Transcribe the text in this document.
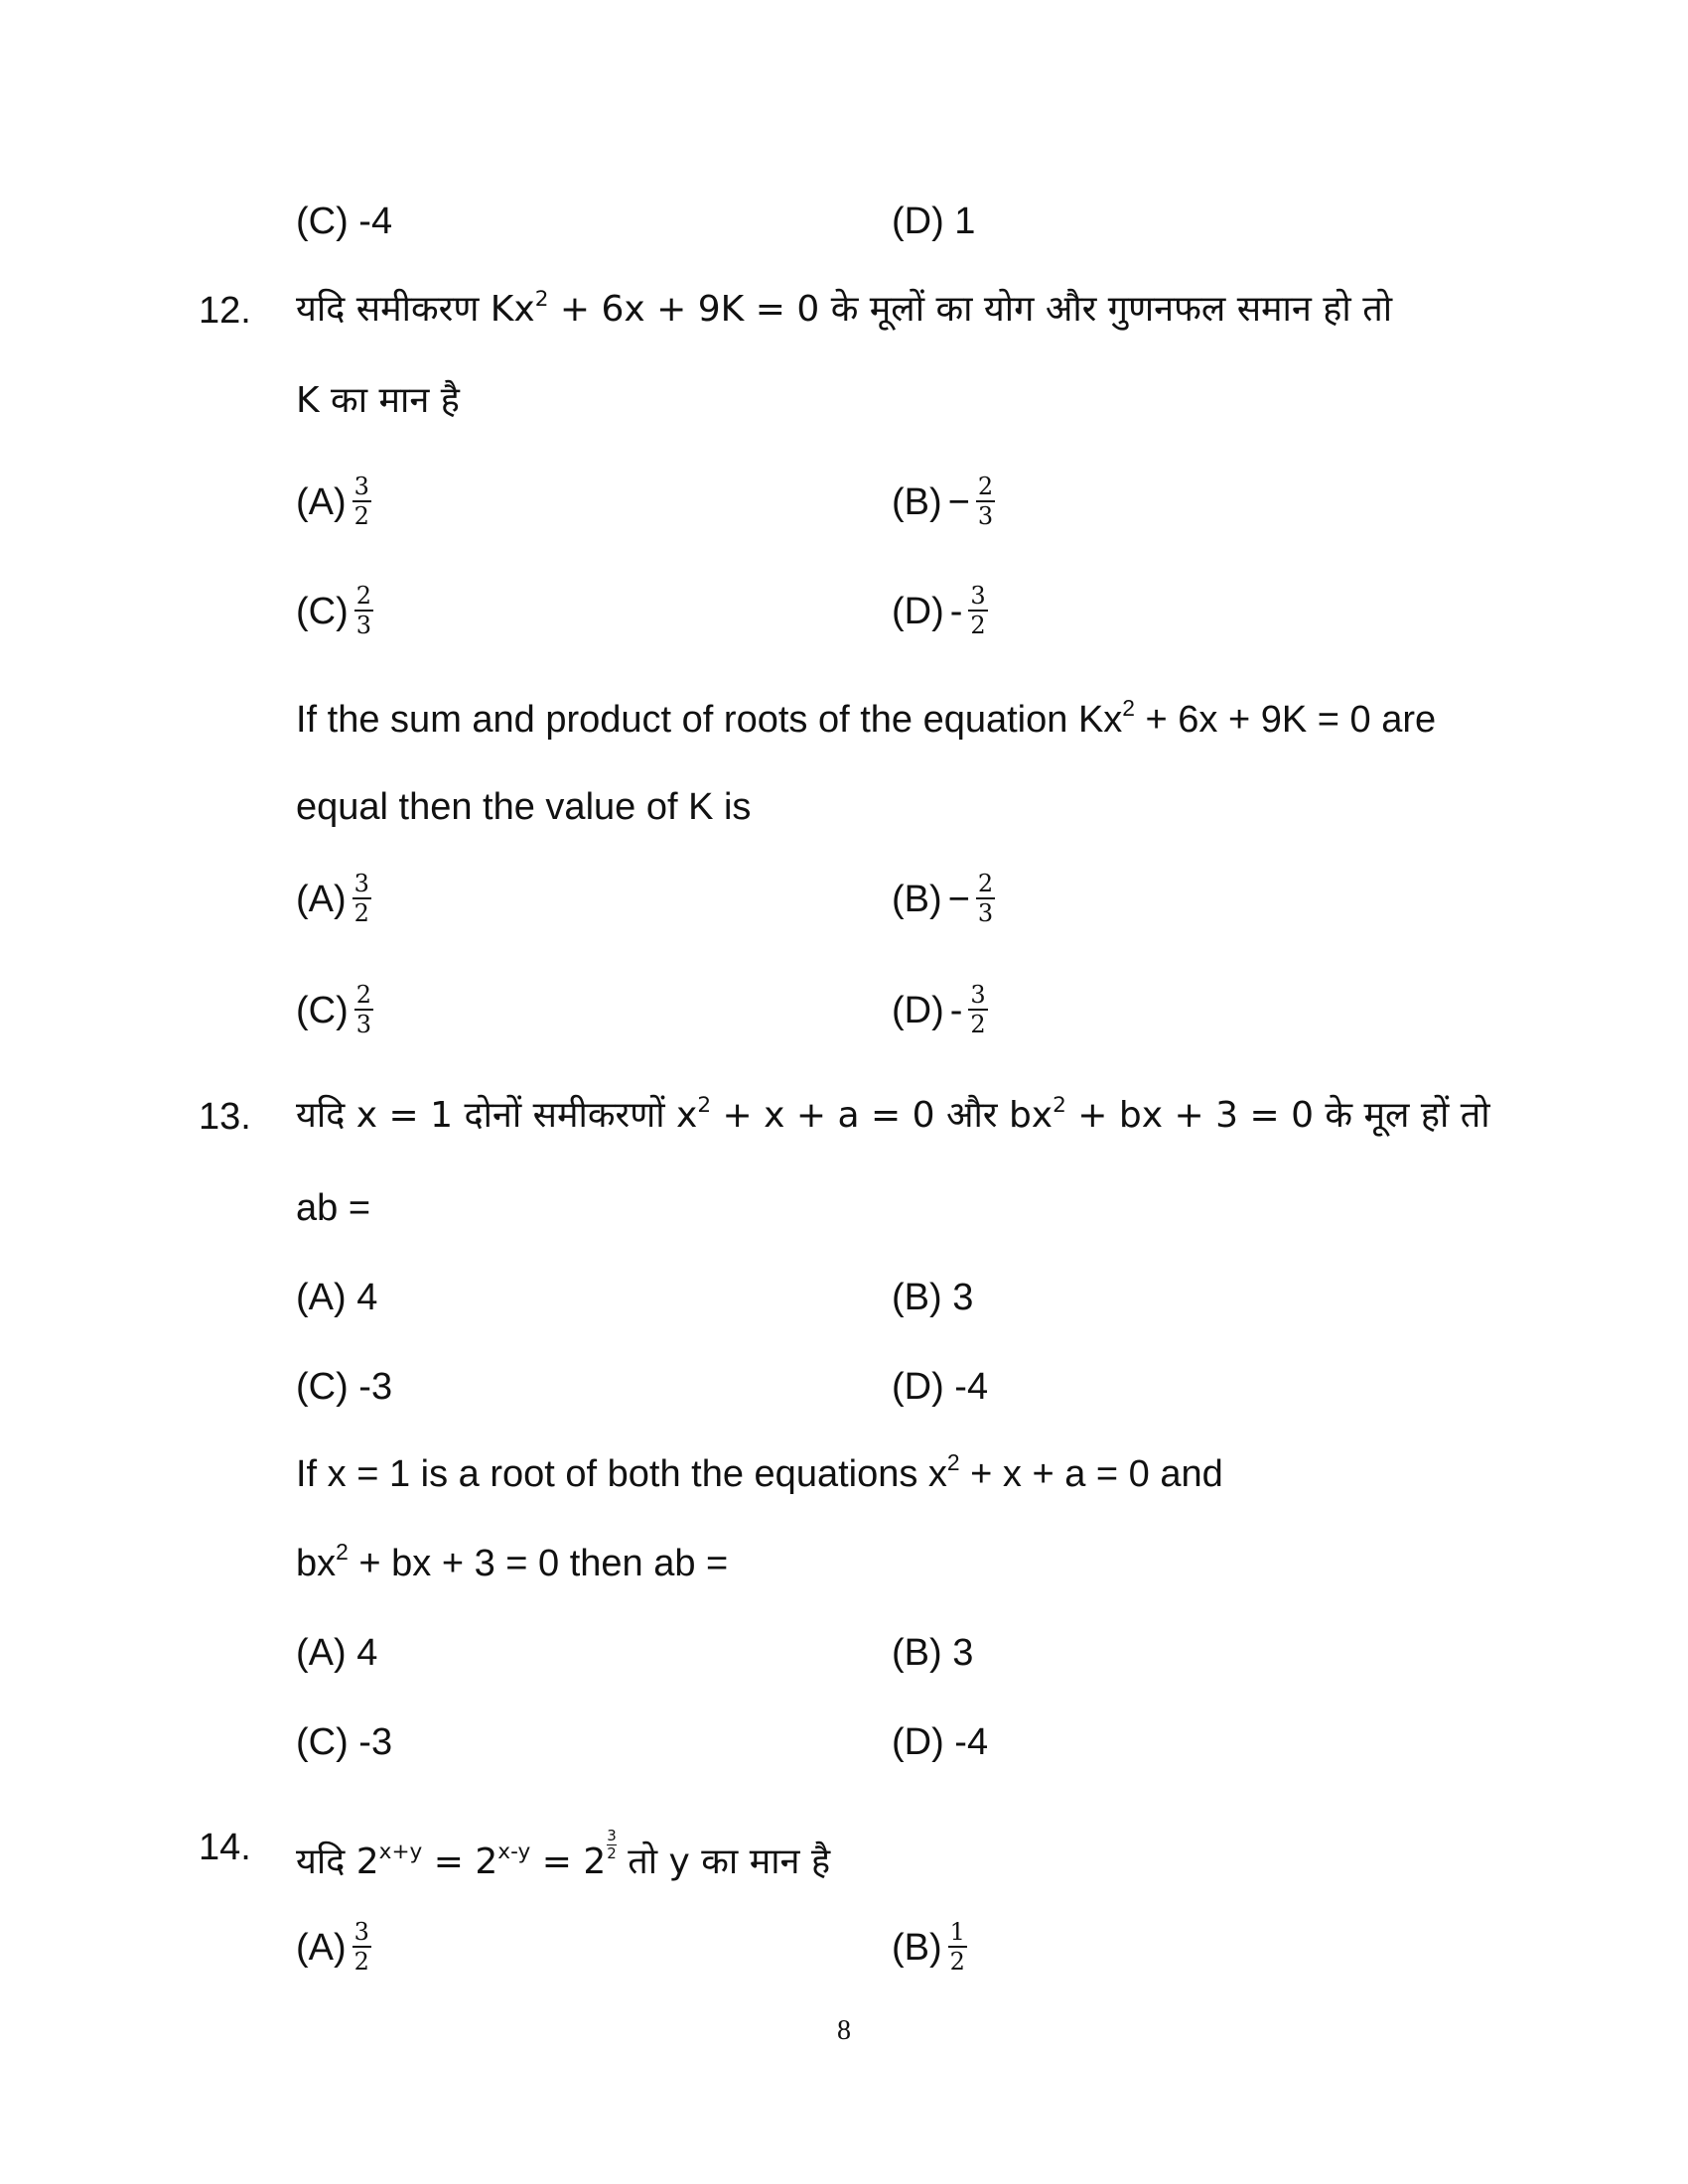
(C) -4	(D) 1
12. यदि समीकरण $Kx^2 + 6x + 9K = 0$ के मूलों का योग और गुणनफल समान हो तो
K का मान है
$(A) \frac{3}{2}$	$(B) - \frac{2}{3}$
$(C) \frac{2}{3}$	$(D) - \frac{3}{2}$
If the sum and product of roots of the equation $Kx^2 + 6x + 9K = 0$ are
equal then the value of K is
$(A) \frac{3}{2}$	$(B) - \frac{2}{3}$
$(C) \frac{2}{3}$	$(D) - \frac{3}{2}$
13. यदि x = 1 दोनों समीकरणों $x^2 + x + a = 0$ और $bx^2$ + bx + 3 = 0 के मूल हों तो
ab =
(A) 4	(B) 3
(C) -3	(D) -4
If x = 1 is a root of both the equations $x^2 + x + a = 0$ and
$bx^2$ + bx + 3 = 0 then ab =
(A) 4	(B) 3
(C) -3	(D) -4
14. यदि $2^{x+y} = 2^{x-y} = 2 \frac{3}{2}$ तो y का मान है
$(A) \frac{3}{2}$	$(B) \frac{1}{2}$
8
